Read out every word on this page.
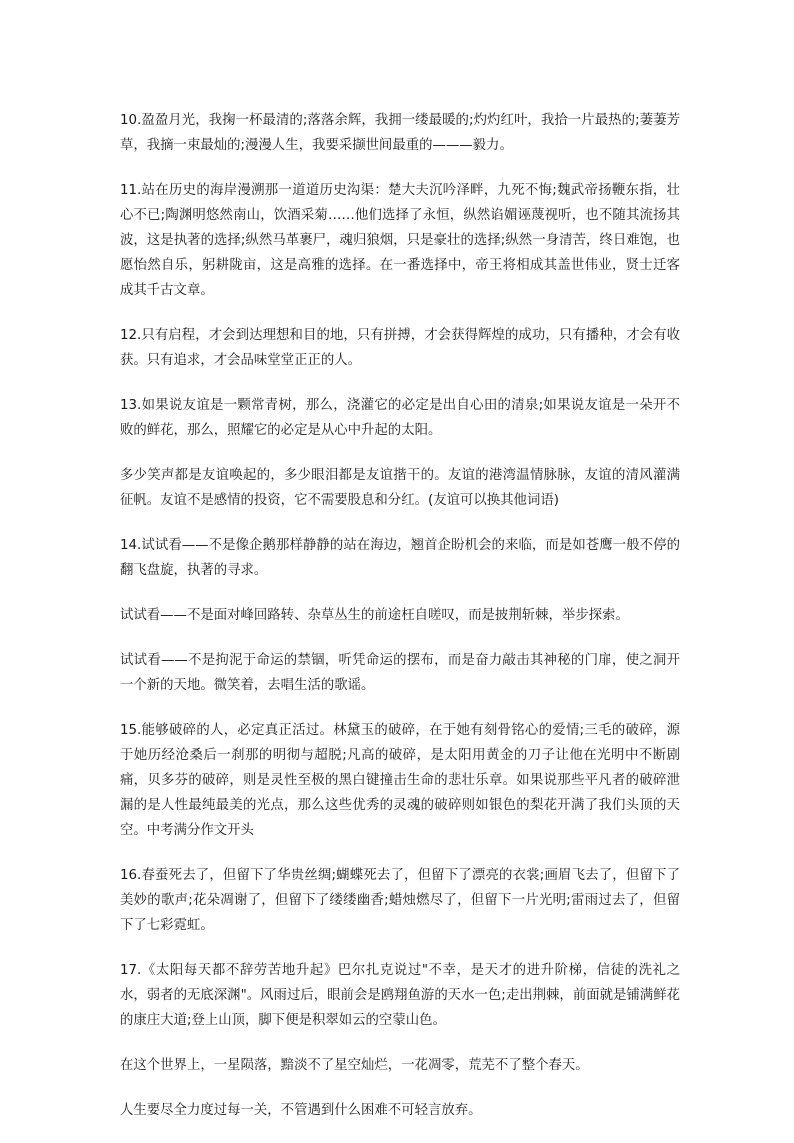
10.盈盈月光，我掬一杯最清的;落落余辉，我拥一缕最暖的;灼灼红叶，我拾一片最热的;萋萋芳草，我摘一束最灿的;漫漫人生，我要采撷世间最重的———毅力。

11.站在历史的海岸漫溯那一道道历史沟渠：楚大夫沉吟泽畔，九死不悔;魏武帝扬鞭东指，壮心不已;陶渊明悠然南山，饮酒采菊……他们选择了永恒，纵然谄媚诬蔑视听，也不随其流扬其波，这是执著的选择;纵然马革裹尸，魂归狼烟，只是豪壮的选择;纵然一身清苦，终日难饱，也愿怡然自乐，躬耕陇亩，这是高雅的选择。在一番选择中，帝王将相成其盖世伟业，贤士迁客成其千古文章。

12.只有启程，才会到达理想和目的地，只有拼搏，才会获得辉煌的成功，只有播种，才会有收获。只有追求，才会品味堂堂正正的人。

13.如果说友谊是一颗常青树，那么，浇灌它的必定是出自心田的清泉;如果说友谊是一朵开不败的鲜花，那么，照耀它的必定是从心中升起的太阳。

多少笑声都是友谊唤起的，多少眼泪都是友谊揩干的。友谊的港湾温情脉脉，友谊的清风灌满征帆。友谊不是感情的投资，它不需要股息和分红。(友谊可以换其他词语)

14.试试看——不是像企鹅那样静静的站在海边，翘首企盼机会的来临，而是如苍鹰一般不停的翻飞盘旋，执著的寻求。

试试看——不是面对峰回路转、杂草丛生的前途枉自嗟叹，而是披荆斩棘，举步探索。

试试看——不是拘泥于命运的禁锢，听凭命运的摆布，而是奋力敲击其神秘的门扉，使之洞开一个新的天地。微笑着，去唱生活的歌谣。

15.能够破碎的人，必定真正活过。林黛玉的破碎，在于她有刻骨铭心的爱情;三毛的破碎，源于她历经沧桑后一刹那的明彻与超脱;凡高的破碎，是太阳用黄金的刀子让他在光明中不断剧痛，贝多芬的破碎，则是灵性至极的黑白键撞击生命的悲壮乐章。如果说那些平凡者的破碎泄漏的是人性最纯最美的光点，那么这些优秀的灵魂的破碎则如银色的梨花开满了我们头顶的天空。中考满分作文开头

16.春蚕死去了，但留下了华贵丝绸;蝴蝶死去了，但留下了漂亮的衣裳;画眉飞去了，但留下了美妙的歌声;花朵凋谢了，但留下了缕缕幽香;蜡烛燃尽了，但留下一片光明;雷雨过去了，但留下了七彩霓虹。

17.《太阳每天都不辞劳苦地升起》巴尔扎克说过"不幸，是天才的进升阶梯，信徒的洗礼之水，弱者的无底深渊"。风雨过后，眼前会是鸥翔鱼游的天水一色;走出荆棘，前面就是铺满鲜花的康庄大道;登上山顶，脚下便是积翠如云的空蒙山色。

在这个世界上，一星陨落，黯淡不了星空灿烂，一花凋零，荒芜不了整个春天。

人生要尽全力度过每一关，不管遇到什么困难不可轻言放弃。
